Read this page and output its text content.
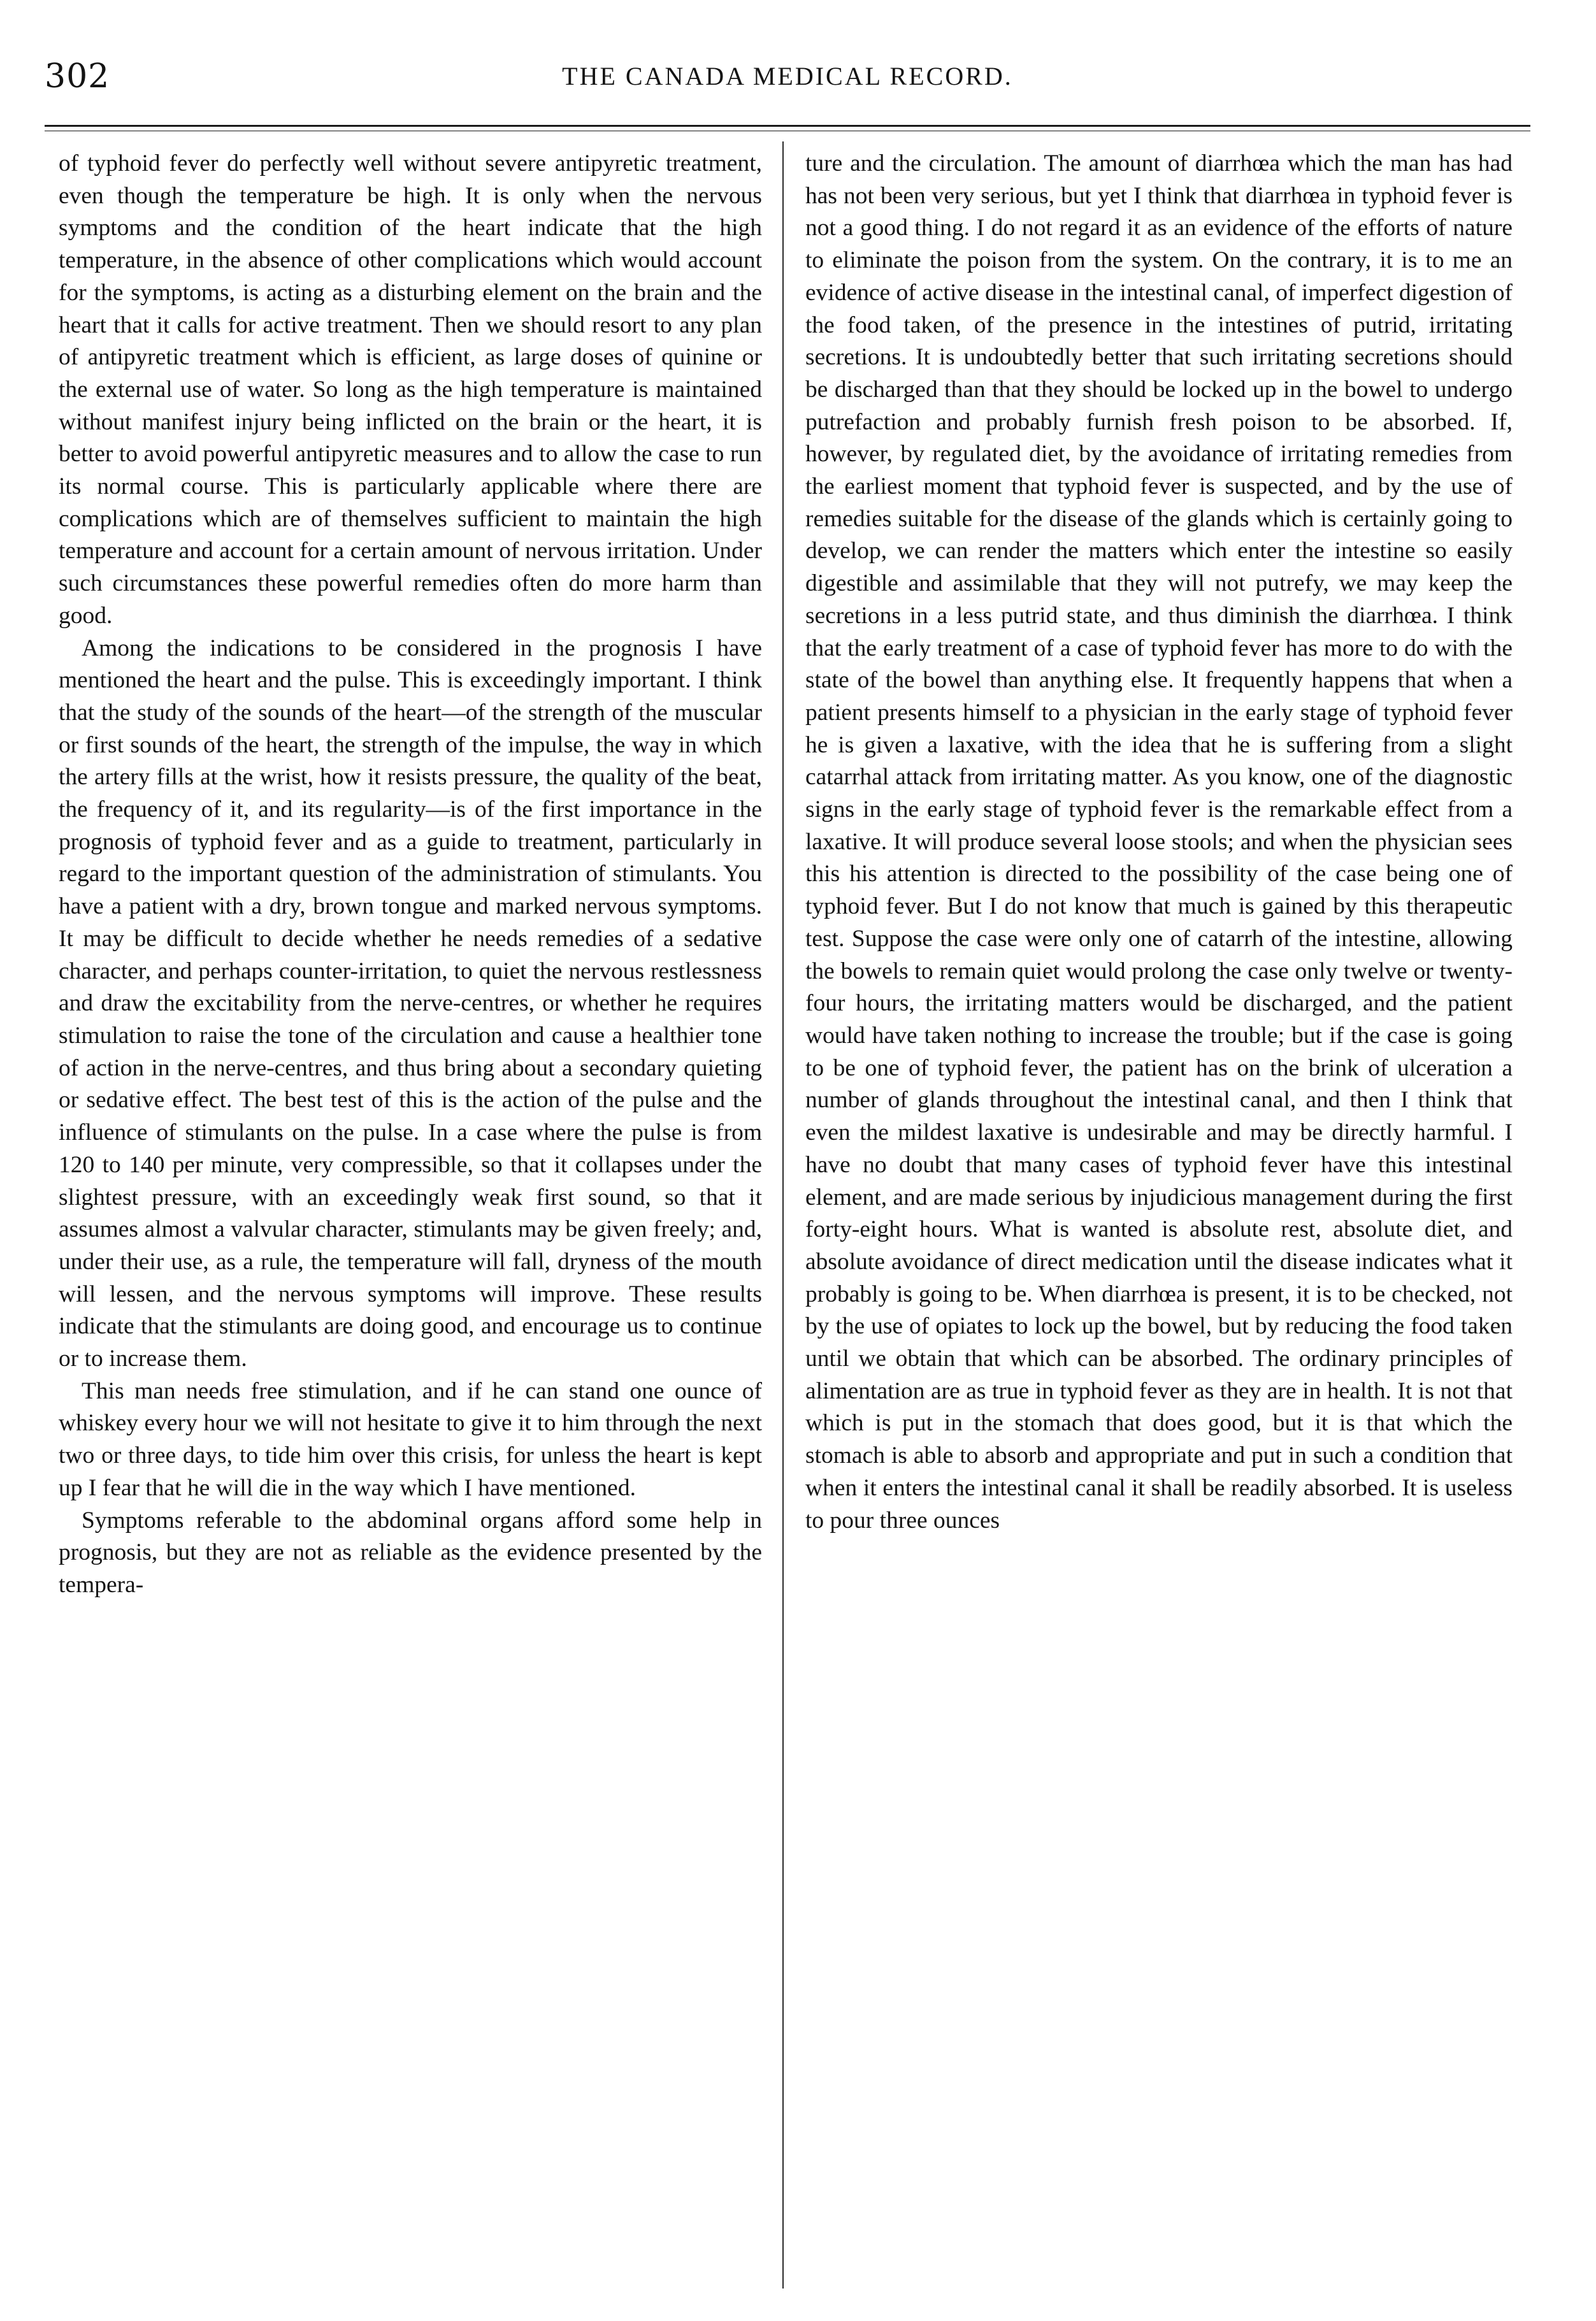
302	THE CANADA MEDICAL RECORD.

of typhoid fever do perfectly well without severe antipyretic treatment, even though the temperature be high. It is only when the nervous symptoms and the condition of the heart indicate that the high temperature, in the absence of other complications which would account for the symptoms, is acting as a disturbing element on the brain and the heart that it calls for active treatment. Then we should resort to any plan of antipyretic treatment which is efficient, as large doses of quinine or the external use of water. So long as the high temperature is maintained without manifest injury being inflicted on the brain or the heart, it is better to avoid powerful antipyretic measures and to allow the case to run its normal course. This is particularly applicable where there are complications which are of themselves sufficient to maintain the high temperature and account for a certain amount of nervous irritation. Under such circumstances these powerful remedies often do more harm than good.

Among the indications to be considered in the prognosis I have mentioned the heart and the pulse. This is exceedingly important. I think that the study of the sounds of the heart—of the strength of the muscular or first sounds of the heart, the strength of the impulse, the way in which the artery fills at the wrist, how it resists pressure, the quality of the beat, the frequency of it, and its regularity—is of the first importance in the prognosis of typhoid fever and as a guide to treatment, particularly in regard to the important question of the administration of stimulants. You have a patient with a dry, brown tongue and marked nervous symptoms. It may be difficult to decide whether he needs remedies of a sedative character, and perhaps counter-irritation, to quiet the nervous restlessness and draw the excitability from the nerve-centres, or whether he requires stimulation to raise the tone of the circulation and cause a healthier tone of action in the nerve-centres, and thus bring about a secondary quieting or sedative effect. The best test of this is the action of the pulse and the influence of stimulants on the pulse. In a case where the pulse is from 120 to 140 per minute, very compressible, so that it collapses under the slightest pressure, with an exceedingly weak first sound, so that it assumes almost a valvular character, stimulants may be given freely; and, under their use, as a rule, the temperature will fall, dryness of the mouth will lessen, and the nervous symptoms will improve. These results indicate that the stimulants are doing good, and encourage us to continue or to increase them.

This man needs free stimulation, and if he can stand one ounce of whiskey every hour we will not hesitate to give it to him through the next two or three days, to tide him over this crisis, for unless the heart is kept up I fear that he will die in the way which I have mentioned.

Symptoms referable to the abdominal organs afford some help in prognosis, but they are not as reliable as the evidence presented by the tempera-

ture and the circulation. The amount of diarrhœa which the man has had has not been very serious, but yet I think that diarrhœa in typhoid fever is not a good thing. I do not regard it as an evidence of the efforts of nature to eliminate the poison from the system. On the contrary, it is to me an evidence of active disease in the intestinal canal, of imperfect digestion of the food taken, of the presence in the intestines of putrid, irritating secretions. It is undoubtedly better that such irritating secretions should be discharged than that they should be locked up in the bowel to undergo putrefaction and probably furnish fresh poison to be absorbed. If, however, by regulated diet, by the avoidance of irritating remedies from the earliest moment that typhoid fever is suspected, and by the use of remedies suitable for the disease of the glands which is certainly going to develop, we can render the matters which enter the intestine so easily digestible and assimilable that they will not putrefy, we may keep the secretions in a less putrid state, and thus diminish the diarrhœa. I think that the early treatment of a case of typhoid fever has more to do with the state of the bowel than anything else. It frequently happens that when a patient presents himself to a physician in the early stage of typhoid fever he is given a laxative, with the idea that he is suffering from a slight catarrhal attack from irritating matter. As you know, one of the diagnostic signs in the early stage of typhoid fever is the remarkable effect from a laxative. It will produce several loose stools; and when the physician sees this his attention is directed to the possibility of the case being one of typhoid fever. But I do not know that much is gained by this therapeutic test. Suppose the case were only one of catarrh of the intestine, allowing the bowels to remain quiet would prolong the case only twelve or twenty-four hours, the irritating matters would be discharged, and the patient would have taken nothing to increase the trouble; but if the case is going to be one of typhoid fever, the patient has on the brink of ulceration a number of glands throughout the intestinal canal, and then I think that even the mildest laxative is undesirable and may be directly harmful. I have no doubt that many cases of typhoid fever have this intestinal element, and are made serious by injudicious management during the first forty-eight hours. What is wanted is absolute rest, absolute diet, and absolute avoidance of direct medication until the disease indicates what it probably is going to be. When diarrhœa is present, it is to be checked, not by the use of opiates to lock up the bowel, but by reducing the food taken until we obtain that which can be absorbed. The ordinary principles of alimentation are as true in typhoid fever as they are in health. It is not that which is put in the stomach that does good, but it is that which the stomach is able to absorb and appropriate and put in such a condition that when it enters the intestinal canal it shall be readily absorbed. It is useless to pour three ounces
